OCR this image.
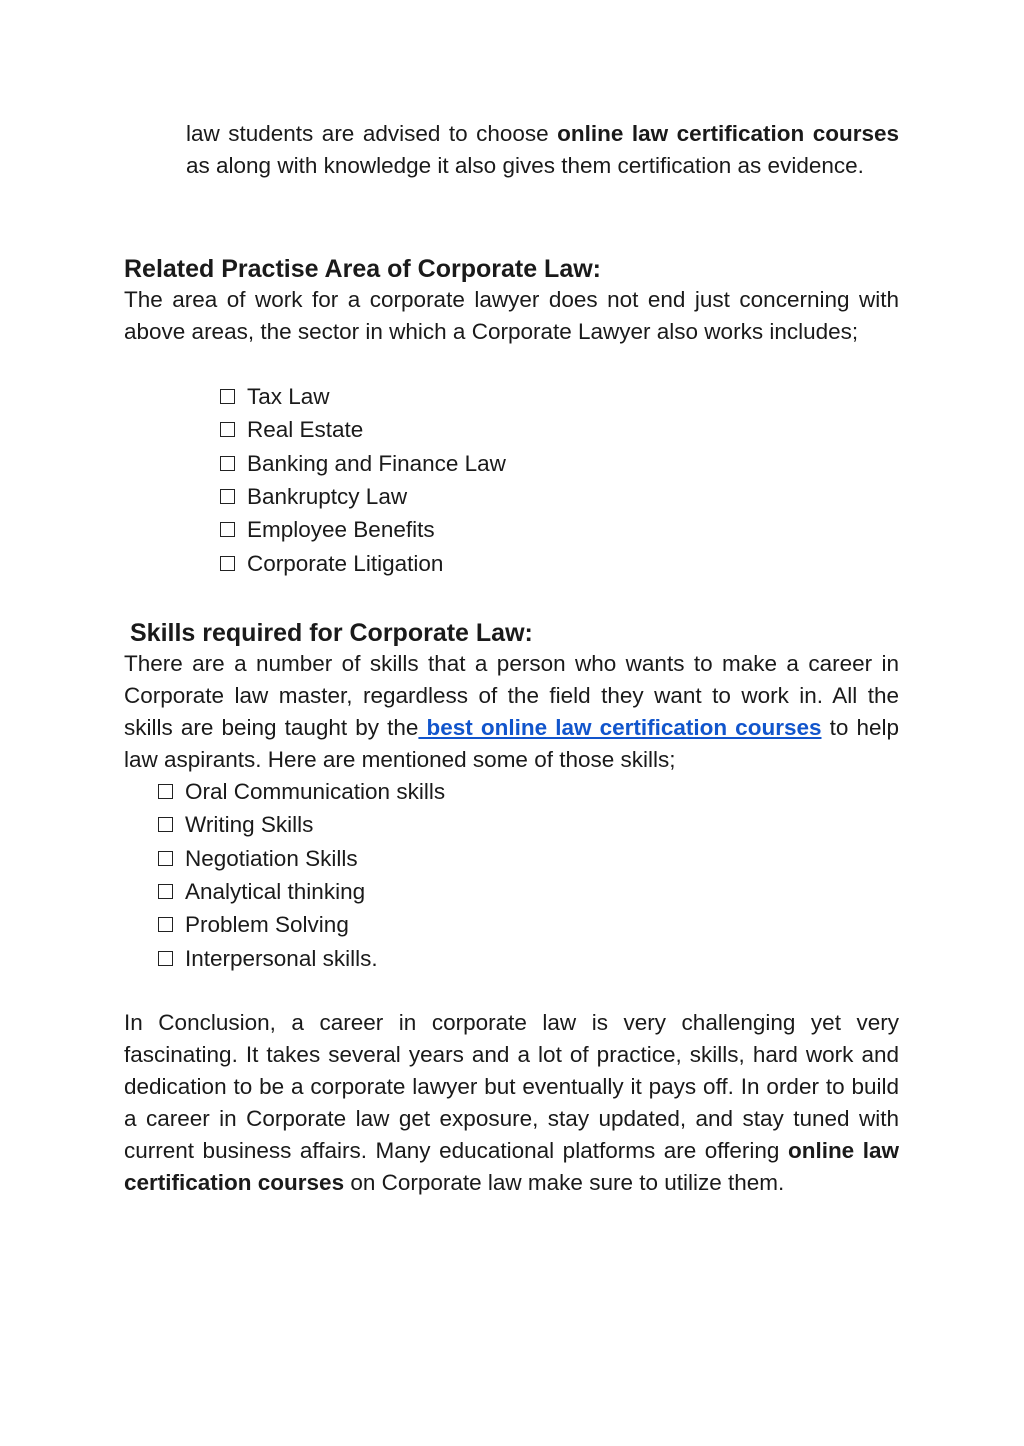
law students are advised to choose online law certification courses as along with knowledge it also gives them certification as evidence.
Related Practise Area of Corporate Law:
The area of work for a corporate lawyer does not end just concerning with above areas, the sector in which a Corporate Lawyer also works includes;
Tax Law
Real Estate
Banking and Finance Law
Bankruptcy Law
Employee Benefits
Corporate Litigation
Skills required for Corporate Law:
There are a number of skills that a person who wants to make a career in Corporate law master, regardless of the field they want to work in. All the skills are being taught by the best online law certification courses to help law aspirants. Here are mentioned some of those skills;
Oral Communication skills
Writing Skills
Negotiation Skills
Analytical thinking
Problem Solving
Interpersonal skills.
In Conclusion, a career in corporate law is very challenging yet very fascinating. It takes several years and a lot of practice, skills, hard work and dedication to be a corporate lawyer but eventually it pays off. In order to build a career in Corporate law get exposure, stay updated, and stay tuned with current business affairs. Many educational platforms are offering online law certification courses on Corporate law make sure to utilize them.
